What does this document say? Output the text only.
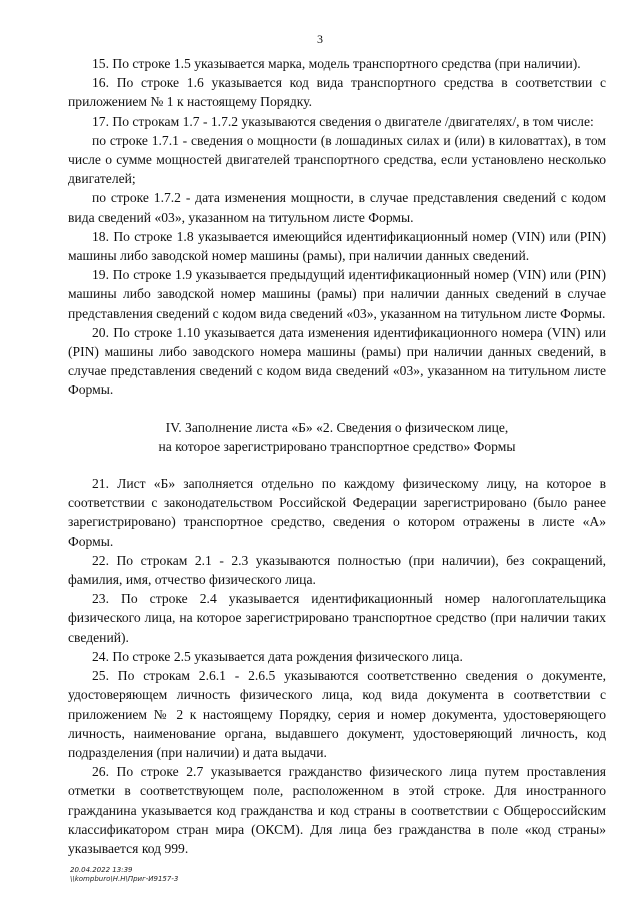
3

15. По строке 1.5 указывается марка, модель транспортного средства (при наличии).

16. По строке 1.6 указывается код вида транспортного средства в соответствии с приложением № 1 к настоящему Порядку.

17. По строкам 1.7 - 1.7.2 указываются сведения о двигателе /двигателях/, в том числе:

по строке 1.7.1 - сведения о мощности (в лошадиных силах и (или) в киловаттах), в том числе о сумме мощностей двигателей транспортного средства, если установлено несколько двигателей;

по строке 1.7.2 - дата изменения мощности, в случае представления сведений с кодом вида сведений «03», указанном на титульном листе Формы.

18. По строке 1.8 указывается имеющийся идентификационный номер (VIN) или (PIN) машины либо заводской номер машины (рамы), при наличии данных сведений.

19. По строке 1.9 указывается предыдущий идентификационный номер (VIN) или (PIN) машины либо заводской номер машины (рамы) при наличии данных сведений в случае представления сведений с кодом вида сведений «03», указанном на титульном листе Формы.

20. По строке 1.10 указывается дата изменения идентификационного номера (VIN) или (PIN) машины либо заводского номера машины (рамы) при наличии данных сведений, в случае представления сведений с кодом вида сведений «03», указанном на титульном листе Формы.

IV. Заполнение листа «Б» «2. Сведения о физическом лице,
на которое зарегистрировано транспортное средство» Формы

21. Лист «Б» заполняется отдельно по каждому физическому лицу, на которое в соответствии с законодательством Российской Федерации зарегистрировано (было ранее зарегистрировано) транспортное средство, сведения о котором отражены в листе «А» Формы.

22. По строкам 2.1 - 2.3 указываются полностью (при наличии), без сокращений, фамилия, имя, отчество физического лица.

23. По строке 2.4 указывается идентификационный номер налогоплательщика физического лица, на которое зарегистрировано транспортное средство (при наличии таких сведений).

24. По строке 2.5 указывается дата рождения физического лица.

25. По строкам 2.6.1 - 2.6.5 указываются соответственно сведения о документе, удостоверяющем личность физического лица, код вида документа в соответствии с приложением № 2 к настоящему Порядку, серия и номер документа, удостоверяющего личность, наименование органа, выдавшего документ, удостоверяющий личность, код подразделения (при наличии) и дата выдачи.

26. По строке 2.7 указывается гражданство физического лица путем проставления отметки в соответствующем поле, расположенном в этой строке. Для иностранного гражданина указывается код гражданства и код страны в соответствии с Общероссийским классификатором стран мира (ОКСМ). Для лица без гражданства в поле «код страны» указывается код 999.

20.04.2022 13:39
\\kompburo\Н.Н\Приг-И9157-3
